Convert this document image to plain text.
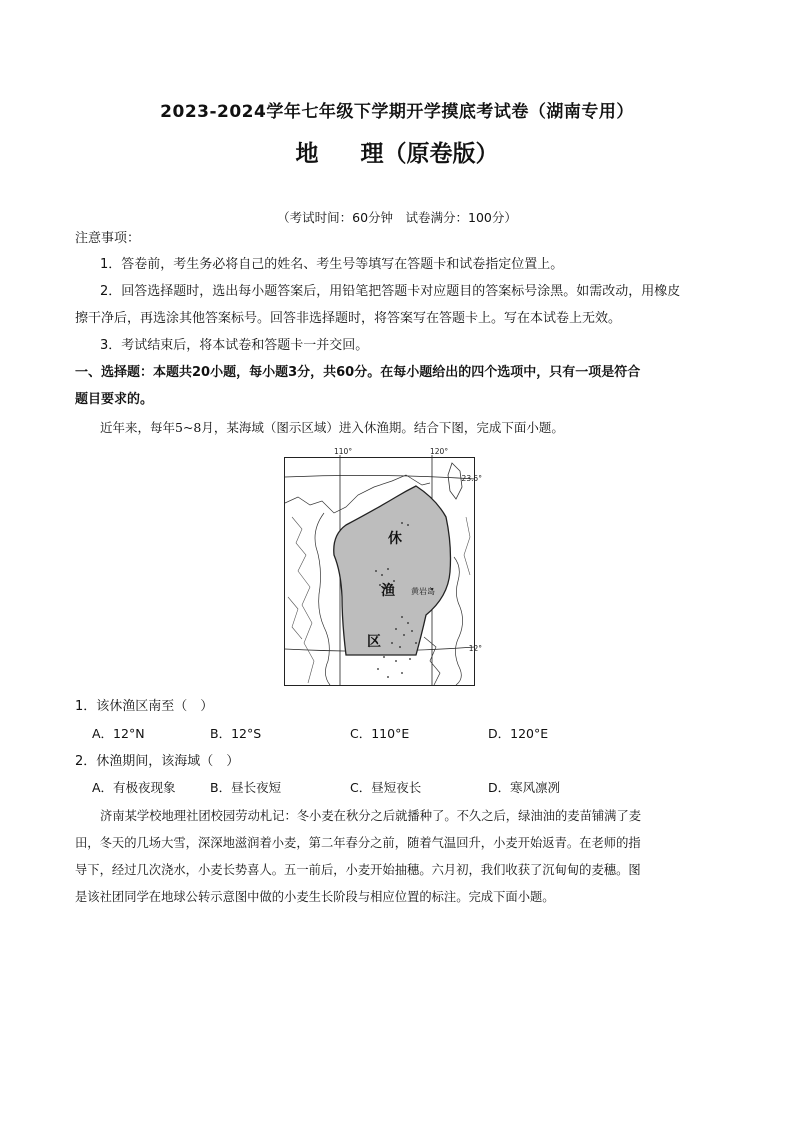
2023-2024学年七年级下学期开学摸底考试卷（湖南专用）
地 理（原卷版）
（考试时间：60分钟　试卷满分：100分）
注意事项：
1．答卷前，考生务必将自己的姓名、考生号等填写在答题卡和试卷指定位置上。
2．回答选择题时，选出每小题答案后，用铅笔把答题卡对应题目的答案标号涂黑。如需改动，用橡皮
擦干净后，再选涂其他答案标号。回答非选择题时，将答案写在答题卡上。写在本试卷上无效。
3．考试结束后，将本试卷和答题卡一并交回。
一、选择题：本题共20小题，每小题3分，共60分。在每小题给出的四个选项中，只有一项是符合
题目要求的。
近年来，每年5~8月，某海域（图示区域）进入休渔期。结合下图，完成下面小题。
110°	120°
23.5°
12°
休
渔
区
黄岩岛
1．该休渔区南至（　）
A．12°N	B．12°S	C．110°E	D．120°E
2．休渔期间，该海域（　）
A．有极夜现象	B．昼长夜短	C．昼短夜长	D．寒风凛冽
济南某学校地理社团校园劳动札记：冬小麦在秋分之后就播种了。不久之后，绿油油的麦苗铺满了麦
田，冬天的几场大雪，深深地滋润着小麦，第二年春分之前，随着气温回升，小麦开始返青。在老师的指
导下，经过几次浇水，小麦长势喜人。五一前后，小麦开始抽穗。六月初，我们收获了沉甸甸的麦穗。图
是该社团同学在地球公转示意图中做的小麦生长阶段与相应位置的标注。完成下面小题。
